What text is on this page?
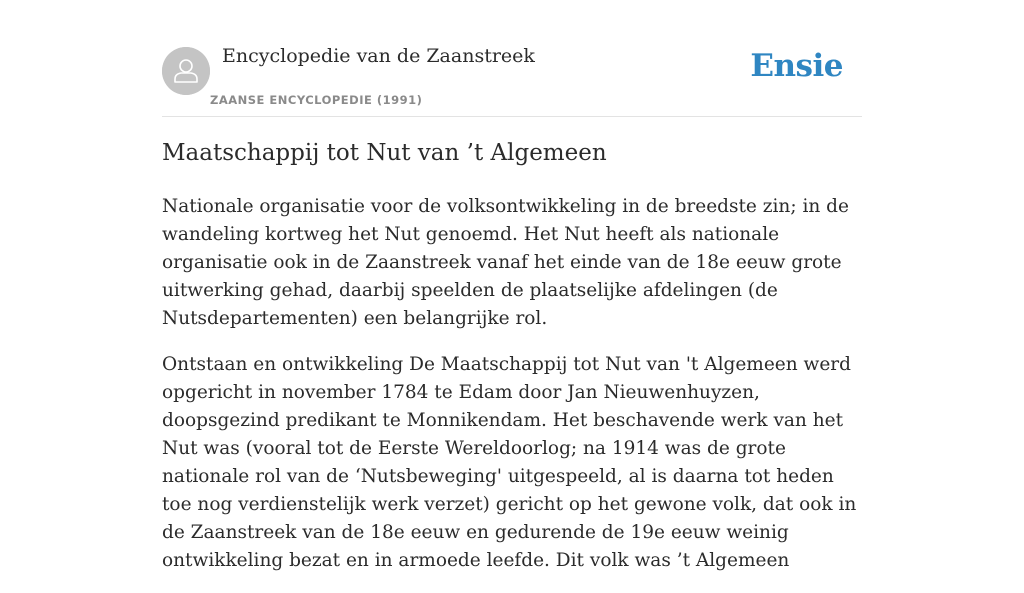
Encyclopedie van de Zaanstreek
ZAANSE ENCYCLOPEDIE (1991)
Ensie
Maatschappij tot Nut van ’t Algemeen

Nationale organisatie voor de volksontwikkeling in de breedste zin; in de wandeling kortweg het Nut genoemd. Het Nut heeft als nationale organisatie ook in de Zaanstreek vanaf het einde van de 18e eeuw grote uitwerking gehad, daarbij speelden de plaatselijke afdelingen (de Nutsdepartementen) een belangrijke rol.

Ontstaan en ontwikkeling De Maatschappij tot Nut van 't Algemeen werd opgericht in november 1784 te Edam door Jan Nieuwenhuyzen, doopsgezind predikant te Monnikendam. Het beschavende werk van het Nut was (vooral tot de Eerste Wereldoorlog; na 1914 was de grote nationale rol van de ‘Nutsbeweging' uitgespeeld, al is daarna tot heden toe nog verdienstelijk werk verzet) gericht op het gewone volk, dat ook in de Zaanstreek van de 18e eeuw en gedurende de 19e eeuw weinig ontwikkeling bezat en in armoede leefde. Dit volk was ’t Algemeen
